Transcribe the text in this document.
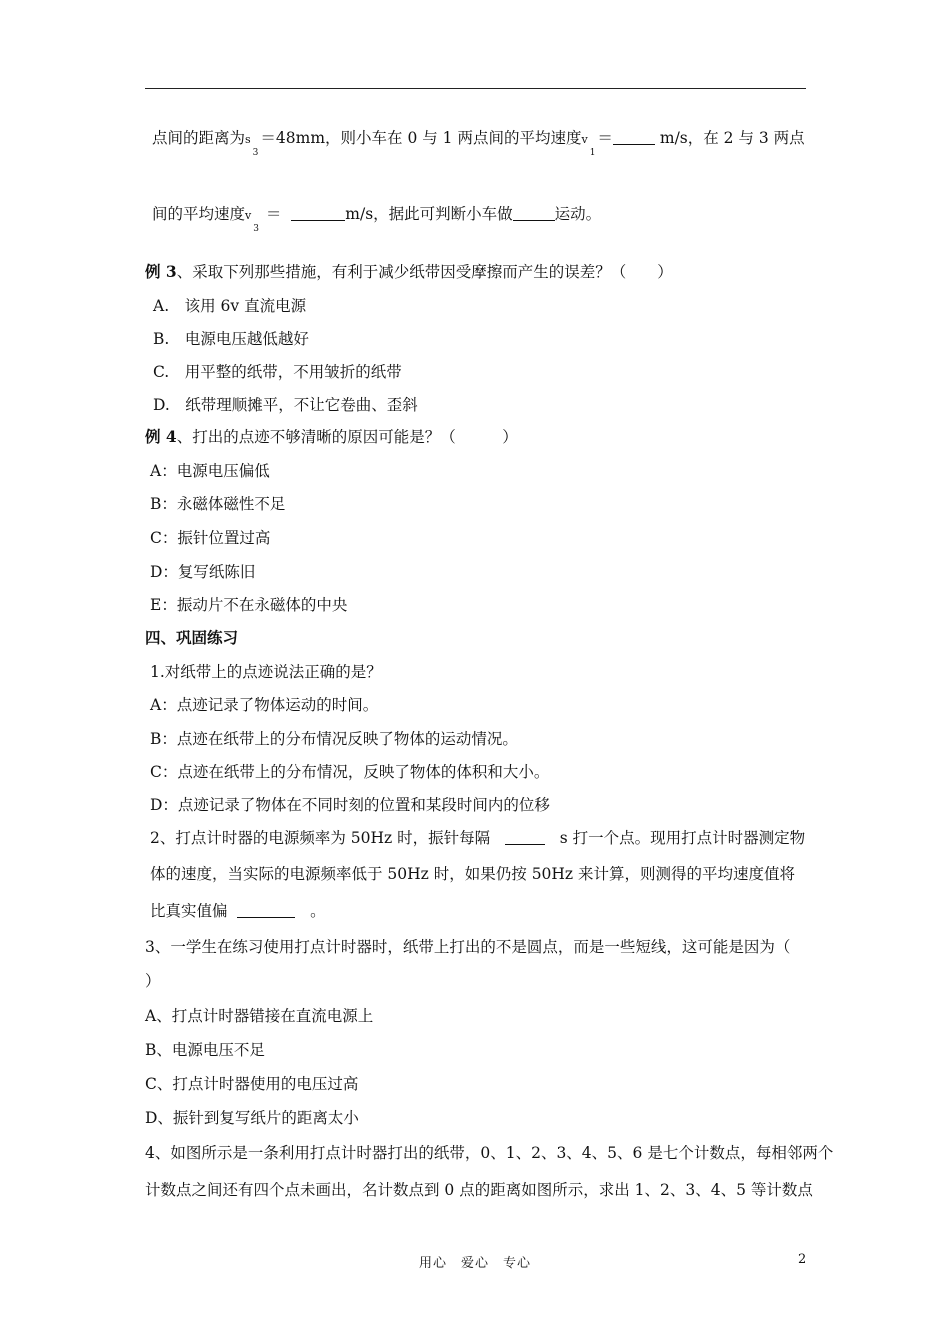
点间的距离为s3＝48mm，则小车在 0 与 1 两点间的平均速度v1＝	m/s，在 2 与 3 两点
间的平均速度v3 ＝	m/s，据此可判断小车做	运动。
例 3、采取下列那些措施，有利于减少纸带因受摩擦而产生的误差？（　　）
A.　该用 6v 直流电源
B.　电源电压越低越好
C.　用平整的纸带，不用皱折的纸带
D.　纸带理顺摊平，不让它卷曲、歪斜
例 4、打出的点迹不够清晰的原因可能是？（　　　）
A：电源电压偏低
B：永磁体磁性不足
C：振针位置过高
D：复写纸陈旧
E：振动片不在永磁体的中央
四、巩固练习
1.对纸带上的点迹说法正确的是？
A：点迹记录了物体运动的时间。
B：点迹在纸带上的分布情况反映了物体的运动情况。
C：点迹在纸带上的分布情况，反映了物体的体积和大小。
D：点迹记录了物体在不同时刻的位置和某段时间内的位移
2、打点计时器的电源频率为 50Hz 时，振针每隔	s 打一个点。现用打点计时器测定物
体的速度，当实际的电源频率低于 50Hz 时，如果仍按 50Hz 来计算，则测得的平均速度值将
比真实值偏	。
3、一学生在练习使用打点计时器时，纸带上打出的不是圆点，而是一些短线，这可能是因为（
）
A、打点计时器错接在直流电源上
B、电源电压不足
C、打点计时器使用的电压过高
D、振针到复写纸片的距离太小
4、如图所示是一条利用打点计时器打出的纸带，0、1、2、3、4、5、6 是七个计数点，每相邻两个
计数点之间还有四个点未画出，名计数点到 0 点的距离如图所示，求出 1、2、3、4、5 等计数点
用心　爱心　专心	2
